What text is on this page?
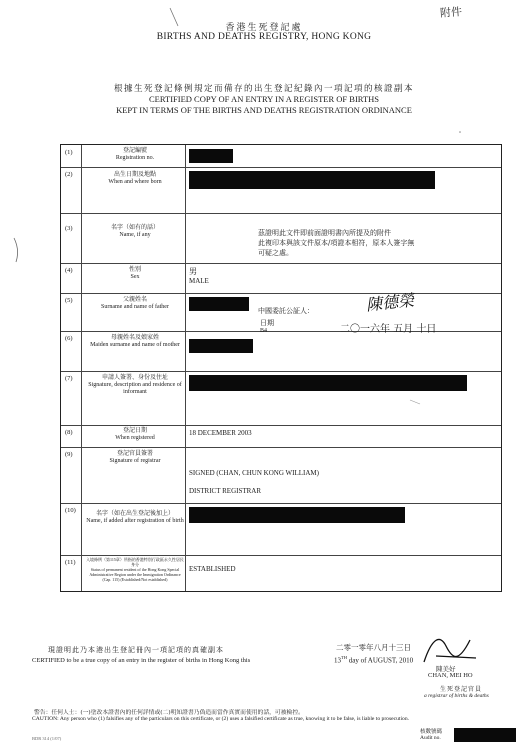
附件
香港生死登記處
BIRTHS AND DEATHS REGISTRY, HONG KONG
根據生死登記條例規定而備存的出生登記紀錄內一項記項的核證副本
CERTIFIED COPY OF AN ENTRY IN A REGISTER OF BIRTHS
KEPT IN TERMS OF THE BIRTHS AND DEATHS REGISTRATION ORDINANCE
(1)	登記編號
Registration no.
(2)	出生日期及地點
When and where born
(3)	名字（如有的話）
Name, if any
(4)	性別
Sex
男
MALE
(5)	父親姓名
Surname and name of father
(6)	母親姓名及娘家姓
Maiden surname and name of mother
(7)	申請人簽署、身份及住址
Signature, description and residence of informant
(8)	登記日期
When registered
18 DECEMBER 2003
(9)	登記官員簽署
Signature of registrar
SIGNED (CHAN, CHUN KONG WILLIAM)
DISTRICT REGISTRAR
(10)	名字（如在出生登記後加上）
Name, if added after registration of birth
(11)	入境條例（第115章）所指的香港特別行政區永久性居民身分
Status of permanent resident of the Hong Kong Special Administrative Region under the Immigration Ordinance (Cap. 115) (Established/Not established)
ESTABLISHED
茲證明此文件即前面證明書內所提及的附件
此複印本與該文件原本/項證本相符，原本人簽字無
可疑之處。
中國委託公証人：	陳德榮
日期
二〇一六年 五月 十日
B4
現證明此乃本港出生登記冊內一項記項的真確副本	二零一零年八月十三日
CERTIFIED to be a true copy of an entry in the register of births in Hong Kong this	13TH day of AUGUST, 2010
陳美好
CHAN, MEI HO
生死登記官員
a registrar of births & deaths
警告：任何人士：(一)塗改本證書內的任何詳情或(二)明知證書乃偽造而當作真實而使用的話，可被檢控。
CAUTION: Any person who (1) falsifies any of the particulars on this certificate, or (2) uses a falsified certificate as true, knowing it to be false, is liable to prosecution.
核數號碼
Audit no.
BDR 314 (1/07)
